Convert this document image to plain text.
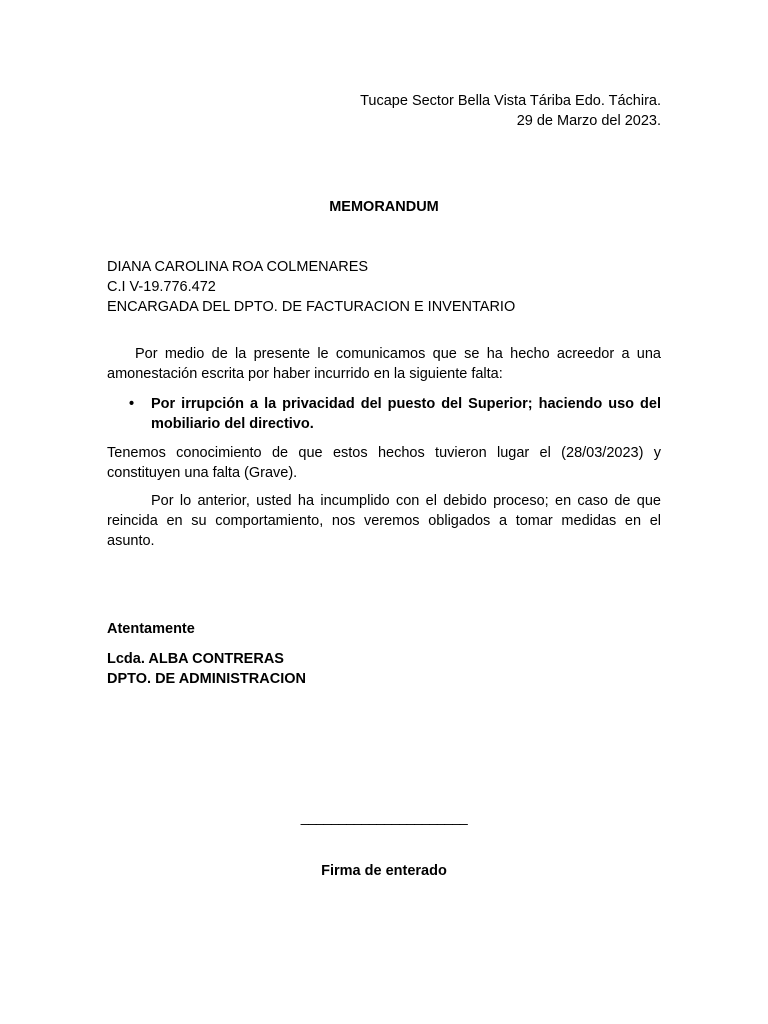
Tucape Sector Bella Vista Táriba Edo. Táchira.
29 de Marzo del 2023.
MEMORANDUM
DIANA CAROLINA ROA COLMENARES
C.I V-19.776.472
ENCARGADA DEL DPTO. DE FACTURACION E INVENTARIO

Por medio de la presente le comunicamos que se ha hecho acreedor a una amonestación escrita por haber incurrido en la siguiente falta:

• Por irrupción a la privacidad del puesto del Superior; haciendo uso del mobiliario del directivo.

Tenemos conocimiento de que estos hechos tuvieron lugar el (28/03/2023) y constituyen una falta (Grave).

Por lo anterior, usted ha incumplido con el debido proceso; en caso de que reincida en su comportamiento, nos veremos obligados a tomar medidas en el asunto.

Atentamente
Lcda. ALBA CONTRERAS
DPTO. DE ADMINISTRACION
______________________
Firma de enterado
